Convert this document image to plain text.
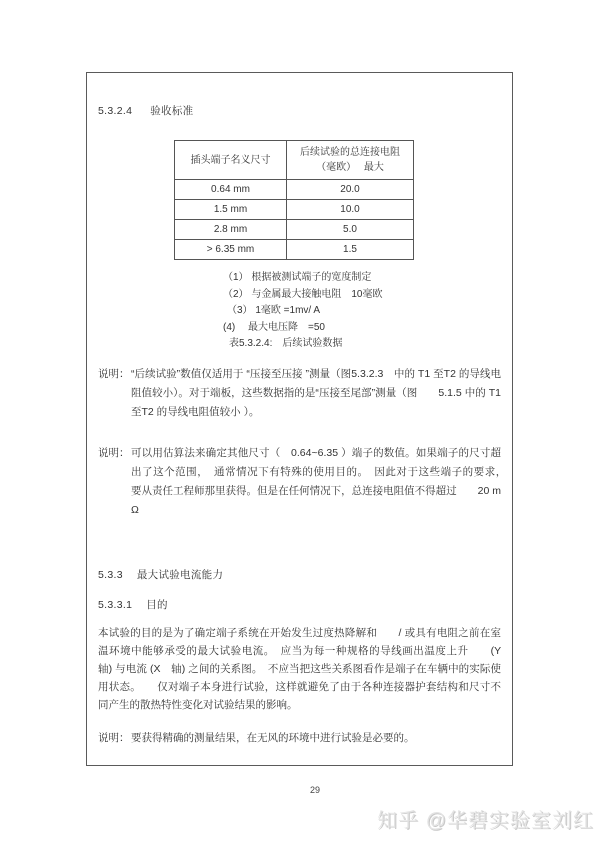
5.3.2.4 验收标准
插头端子名义尺寸	后续试验的总连接电阻
（毫欧）　 最大

0.64 mm	20.0
1.5 mm	10.0
2.8 mm	5.0
> 6.35 mm	1.5
（1） 根据被测试端子的宽度制定
（2） 与金属最大接触电阻　10毫欧
（3） 1毫欧 =1mv/ A
(4)　 最大电压降　=50
表5.3.2.4:　后续试验数据
说明： “后续试验”数值仅适用于 “压接至压接 ”测量（图5.3.2.3　中的 T1 至T2 的导线电阻值较小）。对于端板，这些数据指的是“压接至尾部”测量（图　　5.1.5 中的 T1 至T2 的导线电阻值较小 ）。
说明： 可以用估算法来确定其他尺寸（　0.64~6.35 ）端子的数值。如果端子的尺寸超出了这个范围，　通常情况下有特殊的使用目的。　因此对于这些端子的要求，　要从责任工程师那里获得。但是在任何情况下，总连接电阻值不得超过　　20 m Ω
5.3.3 最大试验电流能力
5.3.3.1 目的
本试验的目的是为了确定端子系统在开始发生过度热降解和　　/ 或具有电阻之前在室温环境中能够承受的最大试验电流。　应当为每一种规格的导线画出温度上升　　(Y　轴) 与电流 (X　轴) 之间的关系图。　不应当把这些关系图看作是端子在车辆中的实际使用状态。　　仅对端子本身进行试验，这样就避免了由于各种连接器护套结构和尺寸不同产生的散热特性变化对试验结果的影响。
说明： 要获得精确的测量结果，在无风的环境中进行试验是必要的。
29
知乎 @华碧实验室刘红
